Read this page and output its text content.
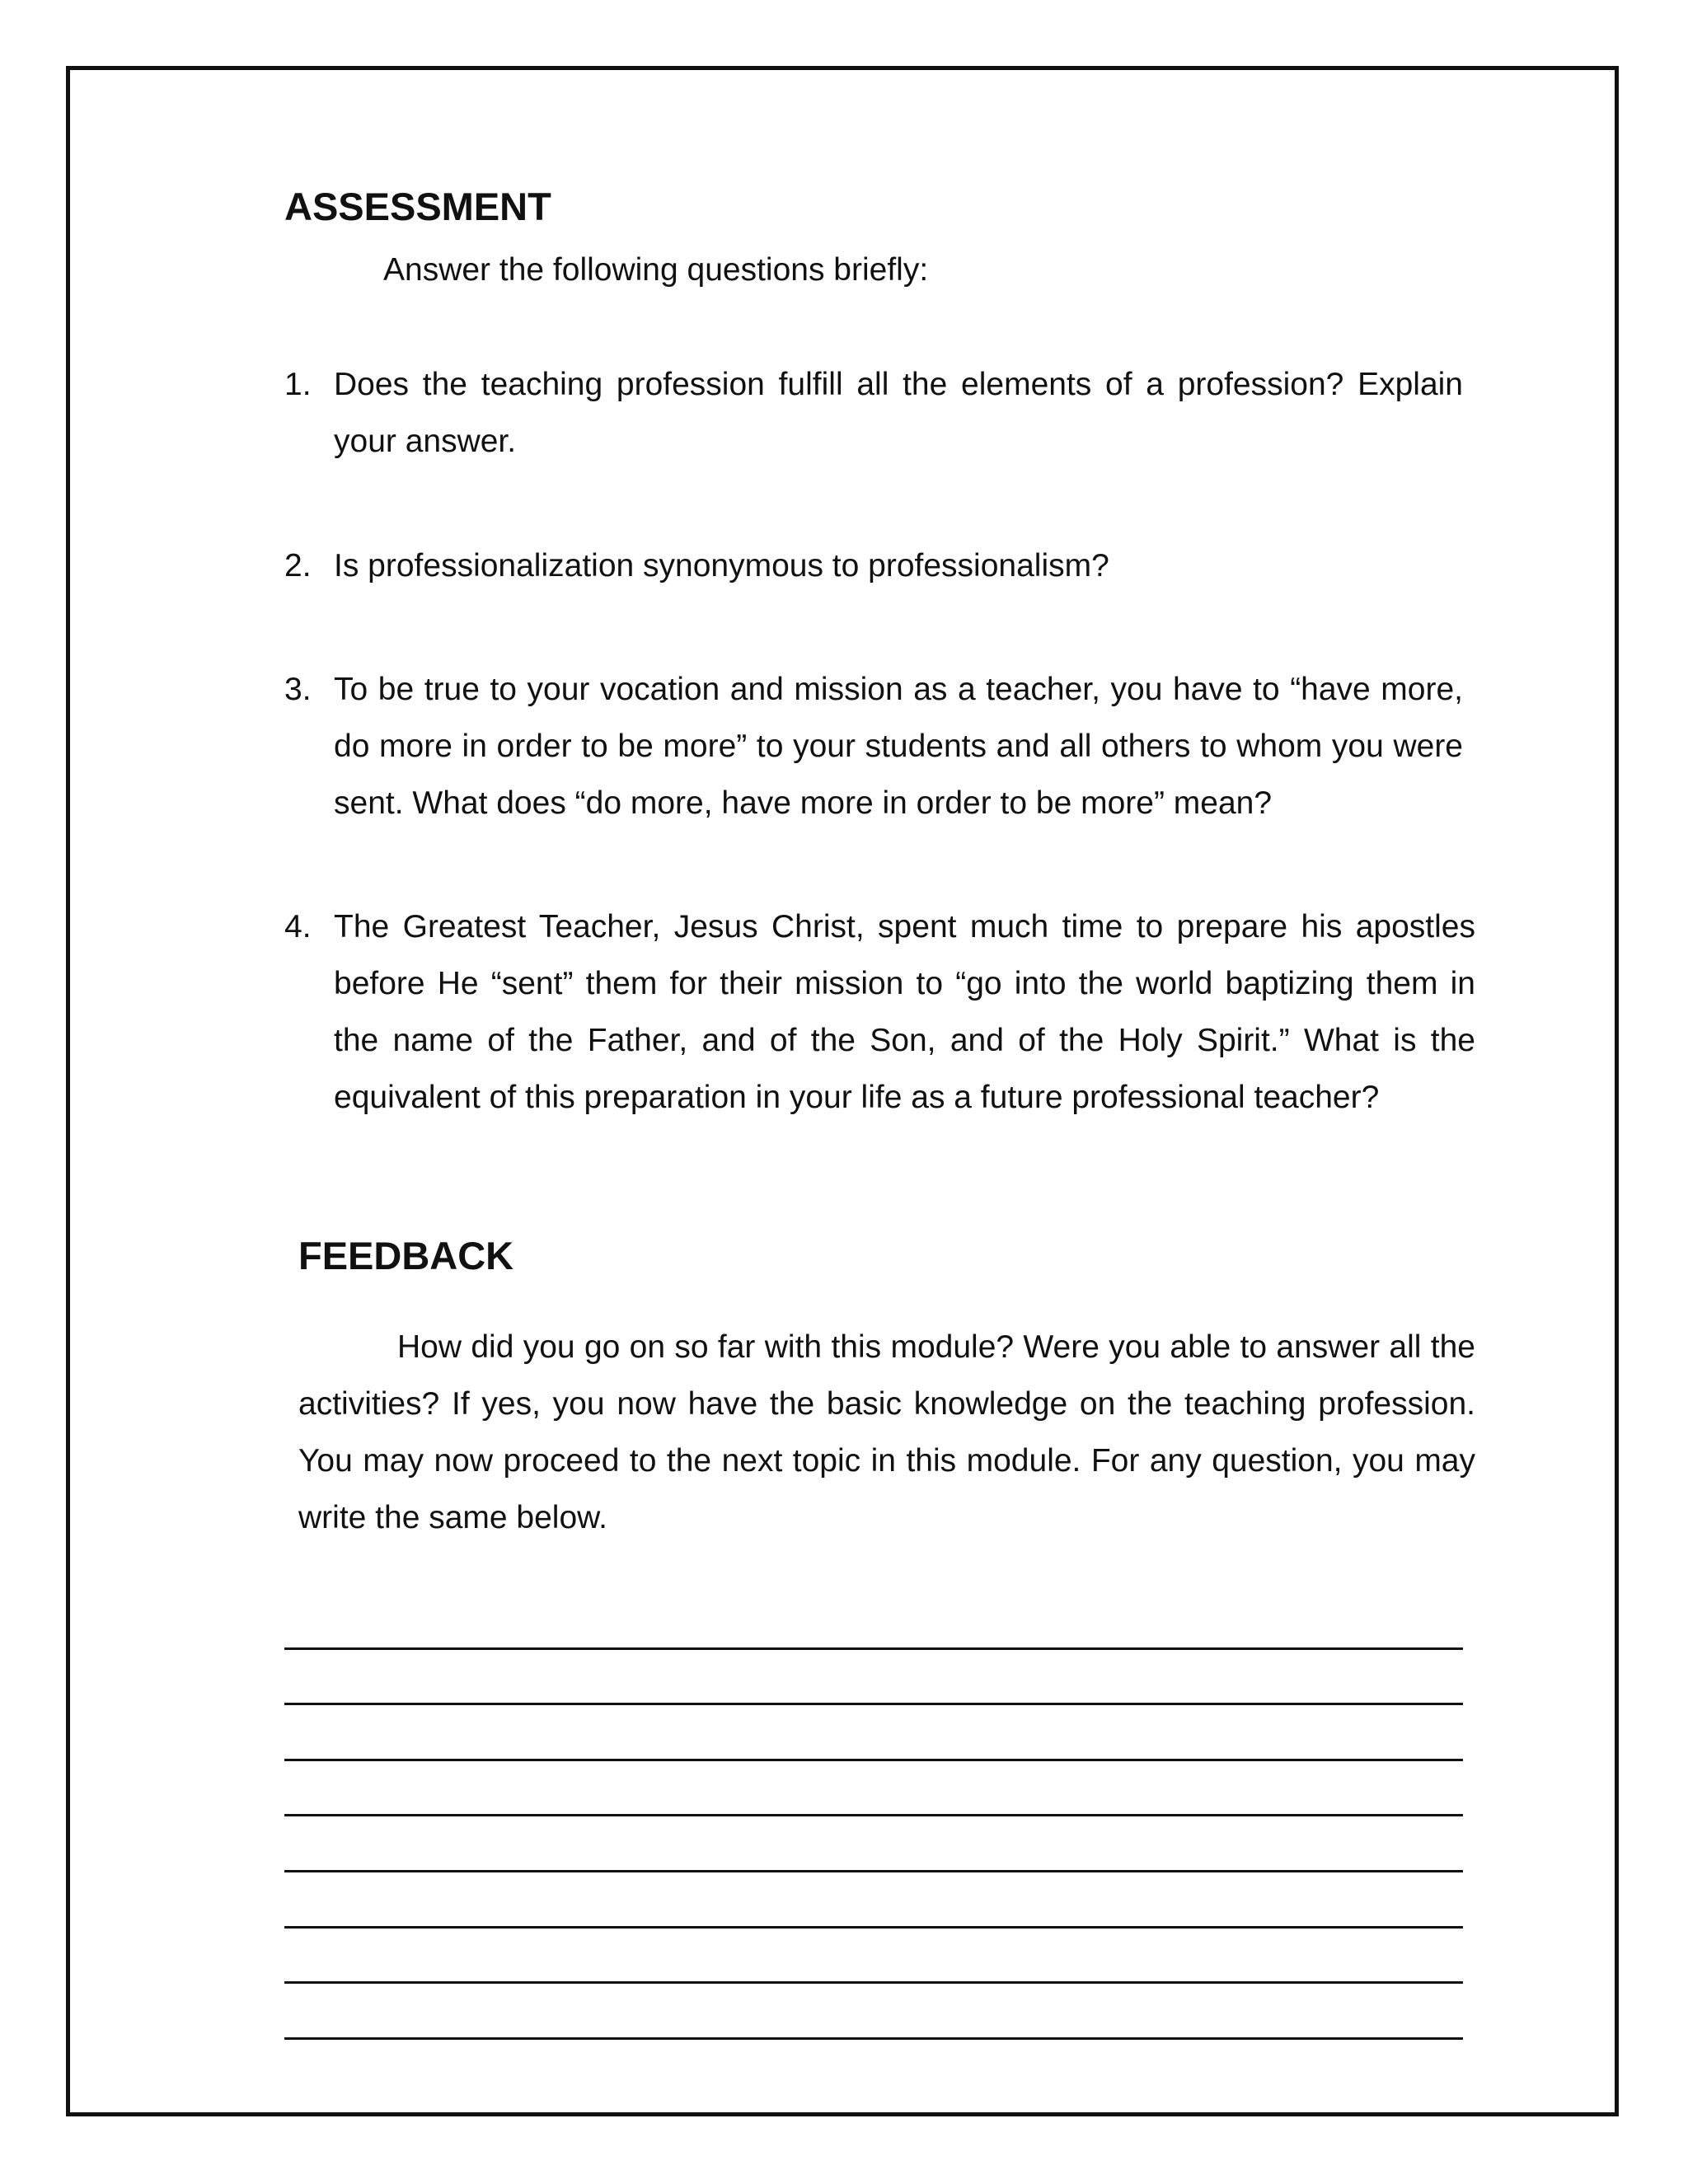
ASSESSMENT
Answer the following questions briefly:
1. Does the teaching profession fulfill all the elements of a profession? Explain your answer.
2. Is professionalization synonymous to professionalism?
3. To be true to your vocation and mission as a teacher, you have to “have more, do more in order to be more” to your students and all others to whom you were sent. What does “do more, have more in order to be more” mean?
4. The Greatest Teacher, Jesus Christ, spent much time to prepare his apostles before He “sent” them for their mission to “go into the world baptizing them in the name of the Father, and of the Son, and of the Holy Spirit.” What is the equivalent of this preparation in your life as a future professional teacher?
FEEDBACK

How did you go on so far with this module? Were you able to answer all the activities? If yes, you now have the basic knowledge on the teaching profession. You may now proceed to the next topic in this module. For any question, you may write the same below.
